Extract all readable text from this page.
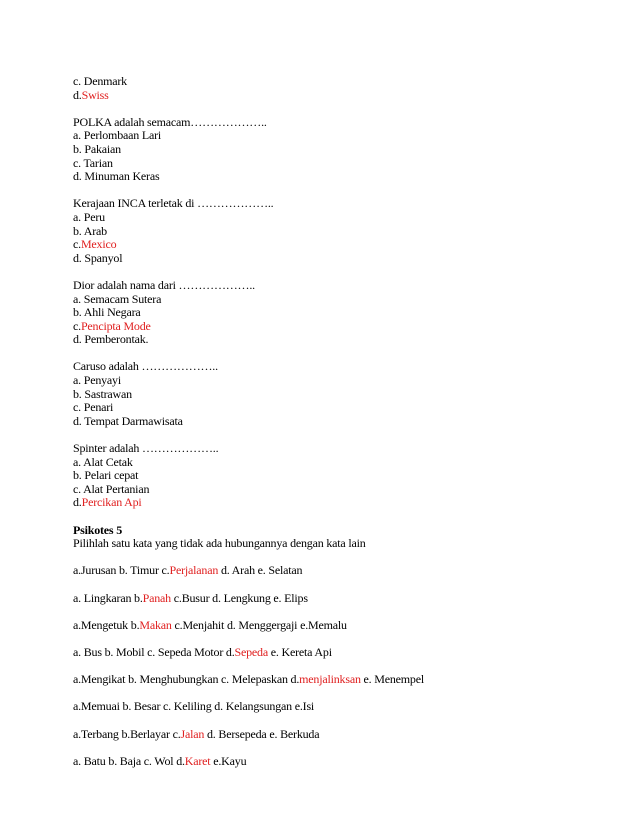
c. Denmark
d.Swiss
POLKA adalah semacam………………..
a. Perlombaan Lari
b. Pakaian
c. Tarian
d. Minuman Keras
Kerajaan INCA terletak di ………………..
a. Peru
b. Arab
c.Mexico
d. Spanyol
Dior adalah nama dari ………………..
a. Semacam Sutera
b. Ahli Negara
c.Pencipta Mode
d. Pemberontak.
Caruso adalah ………………..
a. Penyayi
b. Sastrawan
c. Penari
d. Tempat Darmawisata
Spinter adalah ………………..
a. Alat Cetak
b. Pelari cepat
c. Alat Pertanian
d.Percikan Api
Psikotes 5
Pilihlah satu kata yang tidak ada hubungannya dengan kata lain
a.Jurusan b. Timur c.Perjalanan d. Arah e. Selatan
a. Lingkaran b.Panah c.Busur d. Lengkung e. Elips
a.Mengetuk b.Makan c.Menjahit d. Menggergaji e.Memalu
a. Bus b. Mobil c. Sepeda Motor d.Sepeda e. Kereta Api
a.Mengikat b. Menghubungkan c. Melepaskan d.menjalinksan e. Menempel
a.Memuai b. Besar c. Keliling d. Kelangsungan e.Isi
a.Terbang b.Berlayar c.Jalan d. Bersepeda e. Berkuda
a. Batu b. Baja c. Wol d.Karet e.Kayu
